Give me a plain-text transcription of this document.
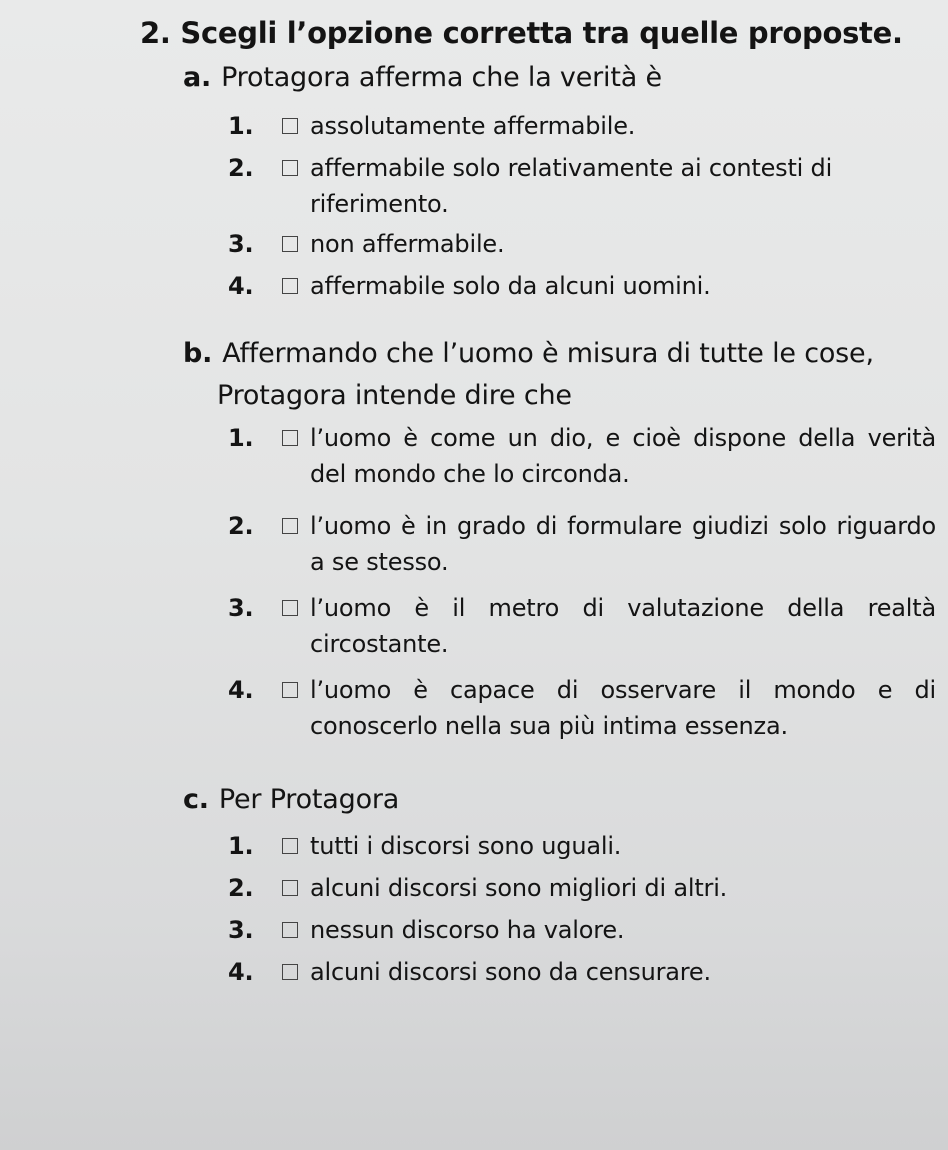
2. Scegli l’opzione corretta tra quelle proposte.
a. Protagora afferma che la verità è
1. assolutamente affermabile.
2. affermabile solo relativamente ai contesti di riferimento.
3. non affermabile.
4. affermabile solo da alcuni uomini.
b. Affermando che l’uomo è misura di tutte le cose,
Protagora intende dire che
1. l’uomo è come un dio, e cioè dispone della verità del mondo che lo circonda.
2. l’uomo è in grado di formulare giudizi solo riguardo a se stesso.
3. l’uomo è il metro di valutazione della realtà circostante.
4. l’uomo è capace di osservare il mondo e di conoscerlo nella sua più intima essenza.
c. Per Protagora
1. tutti i discorsi sono uguali.
2. alcuni discorsi sono migliori di altri.
3. nessun discorso ha valore.
4. alcuni discorsi sono da censurare.
